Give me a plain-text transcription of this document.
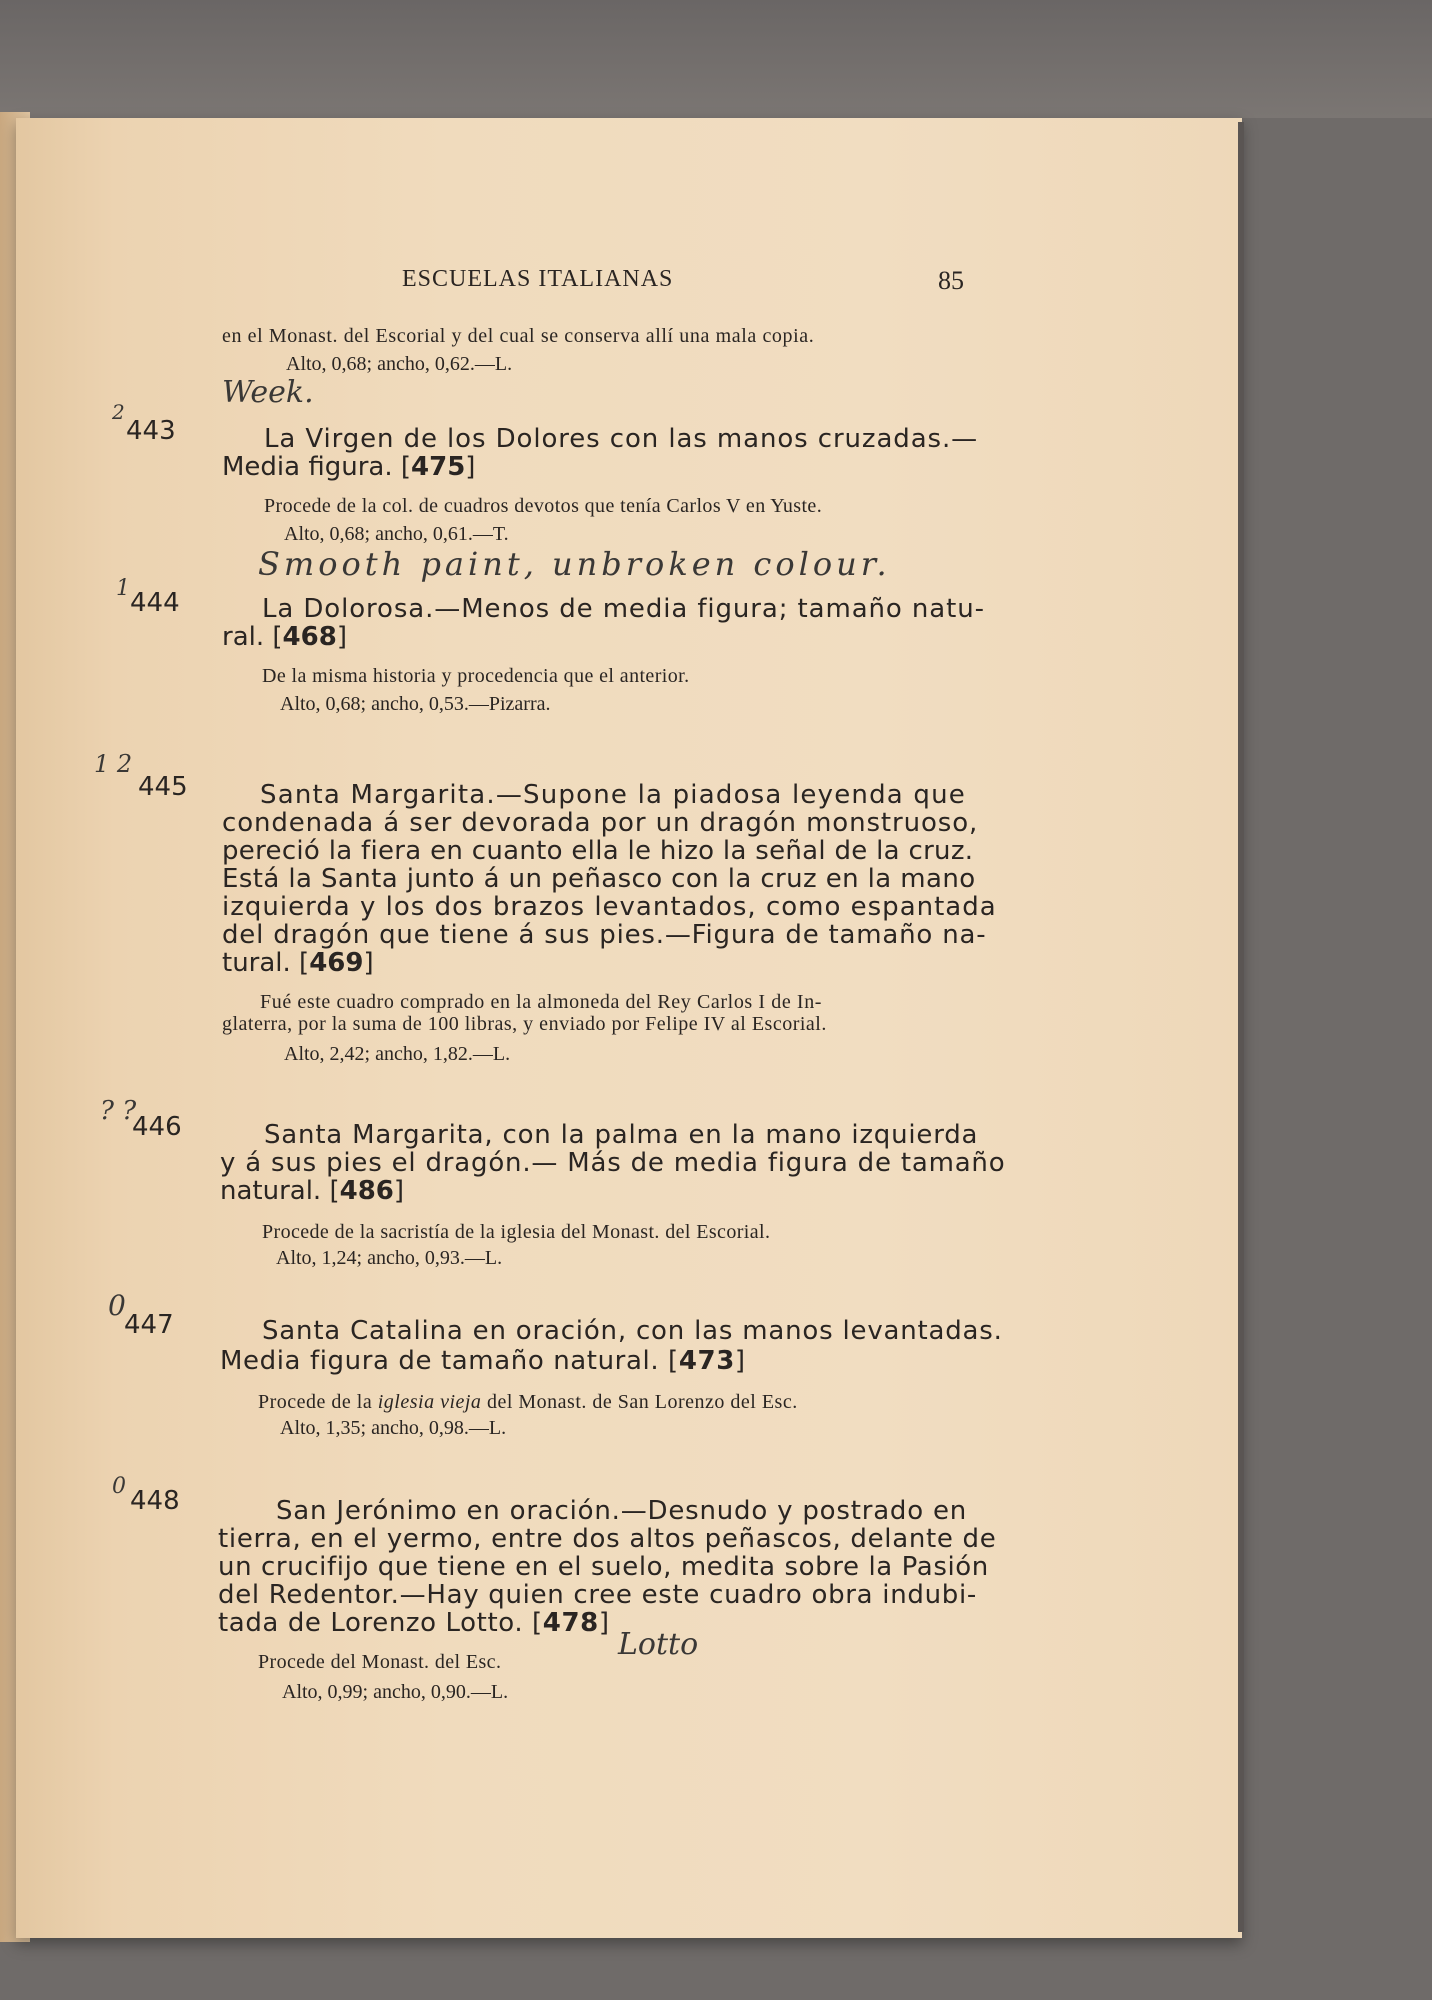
ESCUELAS ITALIANAS	85
en el Monast. del Escorial y del cual se conserva allí una mala copia.
Alto, 0,68; ancho, 0,62.—L.
Week.
2
443	La Virgen de los Dolores con las manos cruzadas.—
Media figura. [475]
Procede de la col. de cuadros devotos que tenía Carlos V en Yuste.
Alto, 0,68; ancho, 0,61.—T.
Smooth paint, unbroken colour.
1 444	La Dolorosa.—Menos de media figura; tamaño natu-
ral. [468]
De la misma historia y procedencia que el anterior.
Alto, 0,68; ancho, 0,53.—Pizarra.
1 2
445	Santa Margarita.—Supone la piadosa leyenda que
condenada á ser devorada por un dragón monstruoso,
pereció la fiera en cuanto ella le hizo la señal de la cruz.
Está la Santa junto á un peñasco con la cruz en la mano
izquierda y los dos brazos levantados, como espantada
del dragón que tiene á sus pies.—Figura de tamaño na-
tural. [469]
Fué este cuadro comprado en la almoneda del Rey Carlos I de In-
glaterra, por la suma de 100 libras, y enviado por Felipe IV al Escorial.
Alto, 2,42; ancho, 1,82.—L.
? ?
446	Santa Margarita, con la palma en la mano izquierda
y á sus pies el dragón.— Más de media figura de tamaño
natural. [486]
Procede de la sacristía de la iglesia del Monast. del Escorial.
Alto, 1,24; ancho, 0,93.—L.
0
447	Santa Catalina en oración, con las manos levantadas.
Media figura de tamaño natural. [473]
Procede de la iglesia vieja del Monast. de San Lorenzo del Esc.
Alto, 1,35; ancho, 0,98.—L.
0 448	San Jerónimo en oración.—Desnudo y postrado en
tierra, en el yermo, entre dos altos peñascos, delante de
un crucifijo que tiene en el suelo, medita sobre la Pasión
del Redentor.—Hay quien cree este cuadro obra indubi-
tada de Lorenzo Lotto. [478]
Lotto
Procede del Monast. del Esc.
Alto, 0,99; ancho, 0,90.—L.
